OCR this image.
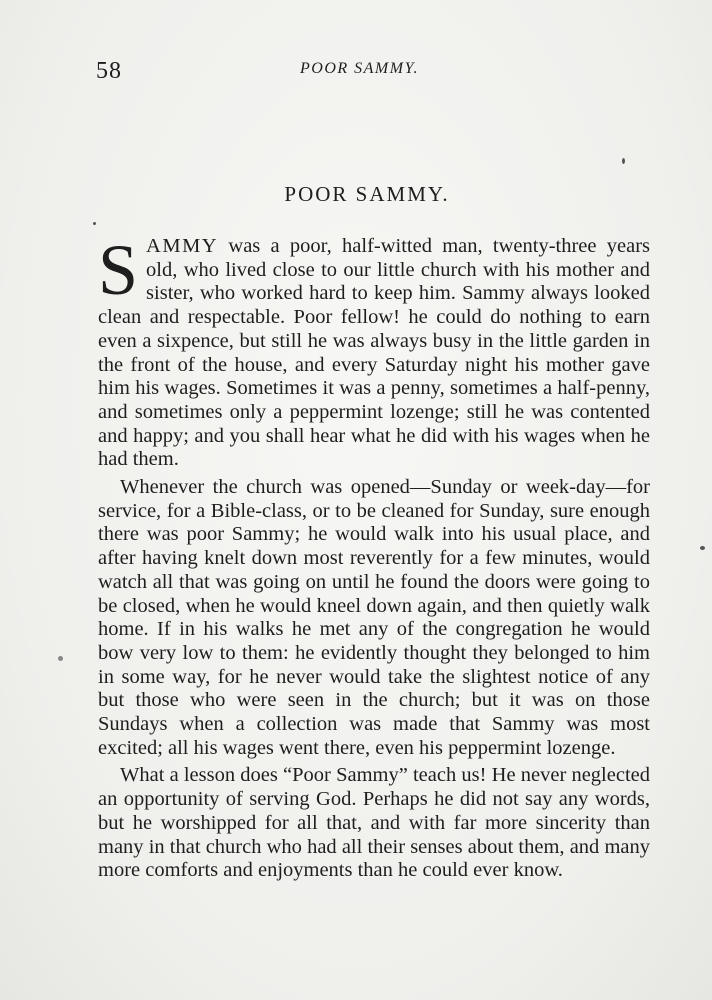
58	POOR SAMMY.
POOR SAMMY.

SAMMY was a poor, half-witted man, twenty-three years old, who lived close to our little church with his mother and sister, who worked hard to keep him. Sammy always looked clean and respectable. Poor fellow! he could do nothing to earn even a sixpence, but still he was always busy in the little garden in the front of the house, and every Saturday night his mother gave him his wages. Sometimes it was a penny, sometimes a half-penny, and sometimes only a peppermint lozenge; still he was contented and happy; and you shall hear what he did with his wages when he had them.

Whenever the church was opened—Sunday or week-day—for service, for a Bible-class, or to be cleaned for Sunday, sure enough there was poor Sammy; he would walk into his usual place, and after having knelt down most reverently for a few minutes, would watch all that was going on until he found the doors were going to be closed, when he would kneel down again, and then quietly walk home. If in his walks he met any of the congregation he would bow very low to them: he evidently thought they belonged to him in some way, for he never would take the slightest notice of any but those who were seen in the church; but it was on those Sundays when a collection was made that Sammy was most excited; all his wages went there, even his peppermint lozenge.

What a lesson does “Poor Sammy” teach us! He never neglected an opportunity of serving God. Perhaps he did not say any words, but he worshipped for all that, and with far more sincerity than many in that church who had all their senses about them, and many more comforts and enjoyments than he could ever know.
